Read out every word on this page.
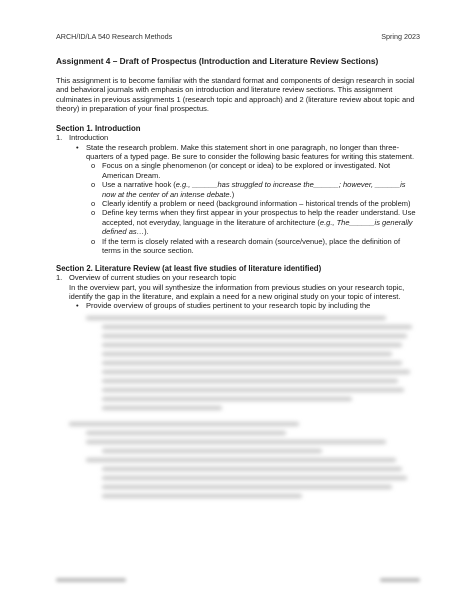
ARCH/ID/LA 540 Research Methods	Spring 2023
Assignment 4 – Draft of Prospectus (Introduction and Literature Review Sections)

This assignment is to become familiar with the standard format and components of design research in social and behavioral journals with emphasis on introduction and literature review sections. This assignment culminates in previous assignments 1 (research topic and approach) and 2 (literature review about topic and theory) in preparation of your final prospectus.

Section 1. Introduction
1. Introduction
• State the research problem. Make this statement short in one paragraph, no longer than three-quarters of a typed page. Be sure to consider the following basic features for writing this statement.
o Focus on a single phenomenon (or concept or idea) to be explored or investigated. Not American Dream.
o Use a narrative hook (e.g., ______has struggled to increase the______; however, ______is now at the center of an intense debate.)
o Clearly identify a problem or need (background information – historical trends of the problem)
o Define key terms when they first appear in your prospectus to help the reader understand. Use accepted, not everyday, language in the literature of architecture (e.g., The______is generally defined as…).
o If the term is closely related with a research domain (source/venue), place the definition of terms in the source section.
Section 2. Literature Review (at least five studies of literature identified)
1. Overview of current studies on your research topic

In the overview part, you will synthesize the information from previous studies on your research topic, identify the gap in the literature, and explain a need for a new original study on your topic of interest.

• Provide overview of groups of studies pertinent to your research topic by including the
